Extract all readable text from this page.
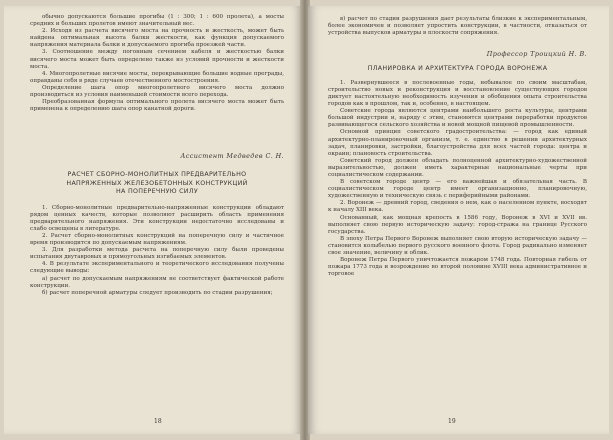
обычно допускаются большие прогибы (1 : 300; 1 : 600 пролета), а мосты средних и больших пролетов имеют значительный вес.

2. Исходя из расчета висячего моста на прочность и жесткость, может быть найдена оптимальная высота балки жесткости, как функция допускаемого напряжения материала балки и допускаемого прогиба проезжей части.

3. Соотношение между погонным сечением кабеля и жесткостью балки висячего моста может быть определено также из условий прочности и жесткости моста.

4. Многопролетные висячие мосты, перекрывающие большие водные преграды, оправданы себя в ряде случаев отечественного мостостроения.

Определение шага опор многопролетного висячего моста должно производиться из условия наименьшей стоимости всего перехода.

Преобразованная формула оптимального пролета висячего моста может быть применена к определению шага опор канатной дороги.

Ассистент Медведев С. Н.

РАСЧЕТ СБОРНО-МОНОЛИТНЫХ ПРЕДВАРИТЕЛЬНО

НАПРЯЖЕННЫХ ЖЕЛЕЗОБЕТОННЫХ КОНСТРУКЦИЙ

НА ПОПЕРЕЧНУЮ СИЛУ

1. Сборно-монолитные предварительно-напряженные конструкции обладают рядом ценных качеств, которые позволяют расширить область применения предварительного напряжения. Эти конструкции недостаточно исследованы и слабо освещены в литературе.

2. Расчет сборно-монолитных конструкций на поперечную силу и частичное время производится по допускаемым напряжениям.

3. Для разработки метода расчета на поперечную силу были проведены испытания двутавровых и прямоугольных изгибаемых элементов.

4. В результате экспериментального и теоретического исследования получены следующие выводы:

а) расчет по допускаемым напряжениям не соответствует фактической работе конструкции.

б) расчет поперечной арматуры следует производить по стадии разрушения;

18

в) расчет по стадии разрушения дает результаты близкие к экспериментальным, более экономичен и позволяет упростить конструкции, в частности, отказаться от устройства выпусков арматуры в плоскости сопряжения.

Профессор Троицкий Н. В.

ПЛАНИРОВКА И АРХИТЕКТУРА ГОРОДА ВОРОНЕЖА

1. Развернувшееся в послевоенные годы, небывалое по своим масштабам, строительство новых и реконструкция и восстановление существующих городов диктует настоятельную необходимость изучения и обобщения опыта строительства городов как в прошлом, так и, особенно, в настоящем.

Советские города являются центрами наибольшего роста культуры, центрами большой индустрии и, наряду с этим, становятся центрами переработки продуктов развивающегося сельского хозяйства и новой мощной пищевой промышленности.

Основной принцип советского градостроительства: — город как единый архитектурно-планировочный организм, т. е. единство в решении архитектурных задач, планировки, застройки, благоустройства для всех частей города: центра и окраин; плановость строительства.

Советский город должен обладать полноценной архитектурно-художественной выразительностью, должен иметь характерные национальные черты при социалистическом содержании.

В советском городе центр — его важнейшая и обязательная часть. В социалистическом городе центр имеет организационно, планировочную, художественную и техническую связь с периферийными районами.

2. Воронеж — древний город, сведения о нем, как о населенном пункте, восходят к началу XIII века.

Основанный, как мощная крепость в 1586 году, Воронеж в XVI и XVII вв. выполняет свою первую историческую задачу: город-стража на границе Русского государства.

В эпоху Петра Первого Воронеж выполняет свою вторую историческую задачу — становится колыбелью первого русского военного флота. Город радикально изменяет свое значение, величину и облик.

Воронеж Петра Первого уничтожается пожаром 1748 года. Повторная гибель от пожара 1773 года и возрождение во второй половине XVIII века административное и торговое

19
